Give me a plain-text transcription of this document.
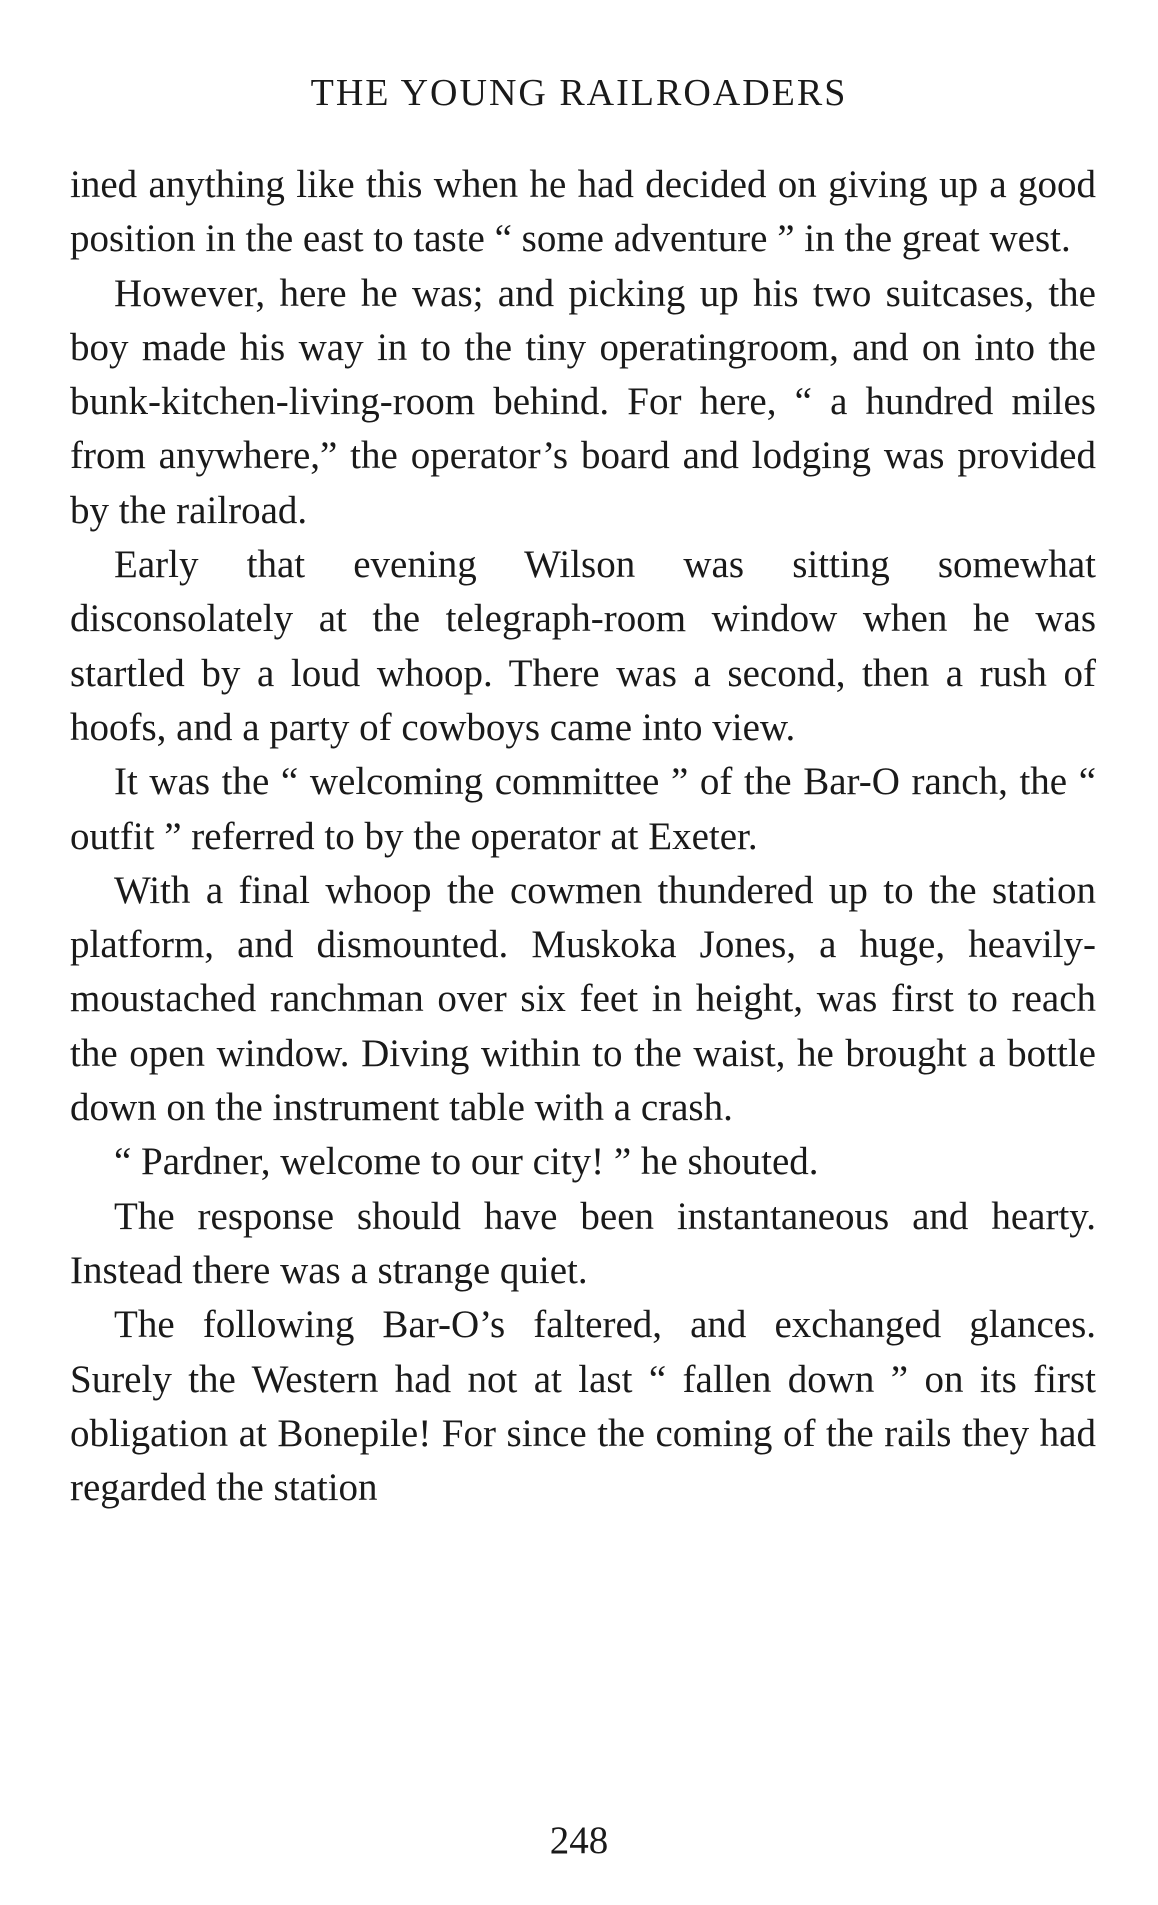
THE YOUNG RAILROADERS

ined anything like this when he had decided on giving up a good position in the east to taste “ some adventure ” in the great west.

However, here he was; and picking up his two suitcases, the boy made his way in to the tiny operatingroom, and on into the bunk-kitchen-living-room behind. For here, “ a hundred miles from anywhere,” the operator’s board and lodging was provided by the railroad.

Early that evening Wilson was sitting somewhat disconsolately at the telegraph-room window when he was startled by a loud whoop. There was a second, then a rush of hoofs, and a party of cowboys came into view.

It was the “ welcoming committee ” of the Bar-O ranch, the “ outfit ” referred to by the operator at Exeter.

With a final whoop the cowmen thundered up to the station platform, and dismounted. Muskoka Jones, a huge, heavily-moustached ranchman over six feet in height, was first to reach the open window. Diving within to the waist, he brought a bottle down on the instrument table with a crash.

“ Pardner, welcome to our city! ” he shouted.

The response should have been instantaneous and hearty. Instead there was a strange quiet.

The following Bar-O’s faltered, and exchanged glances. Surely the Western had not at last “ fallen down ” on its first obligation at Bonepile! For since the coming of the rails they had regarded the station

248
